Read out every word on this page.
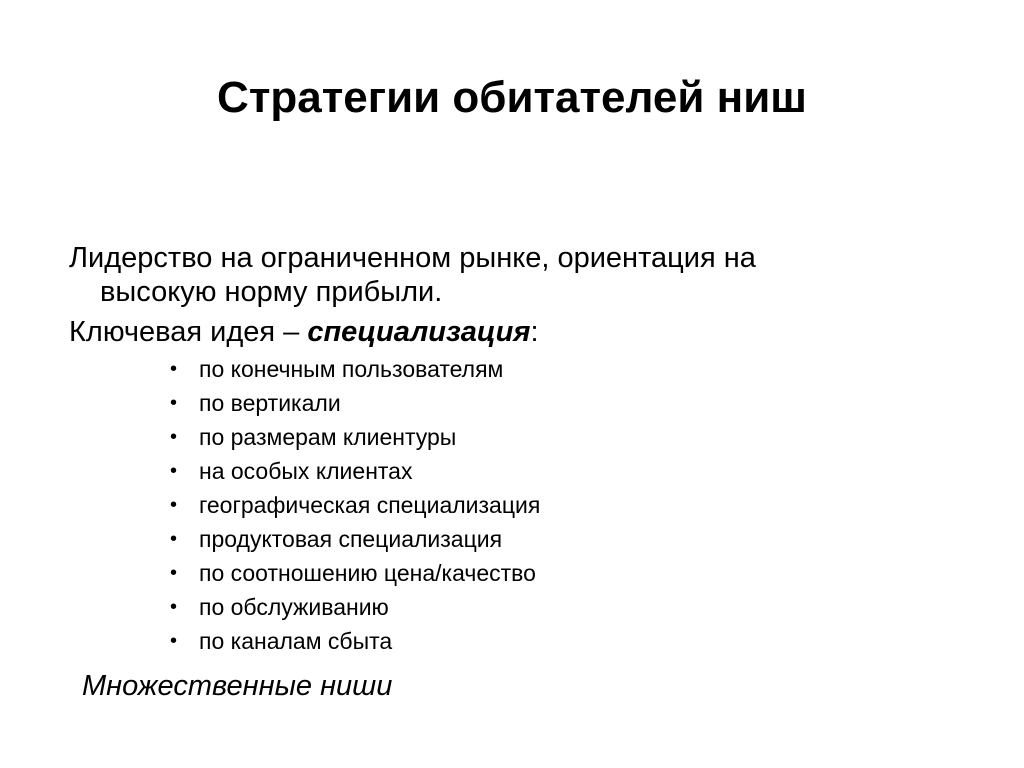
Стратегии обитателей ниш
Лидерство на ограниченном рынке, ориентация на
высокую норму прибыли.
Ключевая идея – специализация:
• по конечным пользователям
• по вертикали
• по размерам клиентуры
• на особых клиентах
• географическая специализация
• продуктовая специализация
• по соотношению цена/качество
• по обслуживанию
• по каналам сбыта
Множественные ниши
